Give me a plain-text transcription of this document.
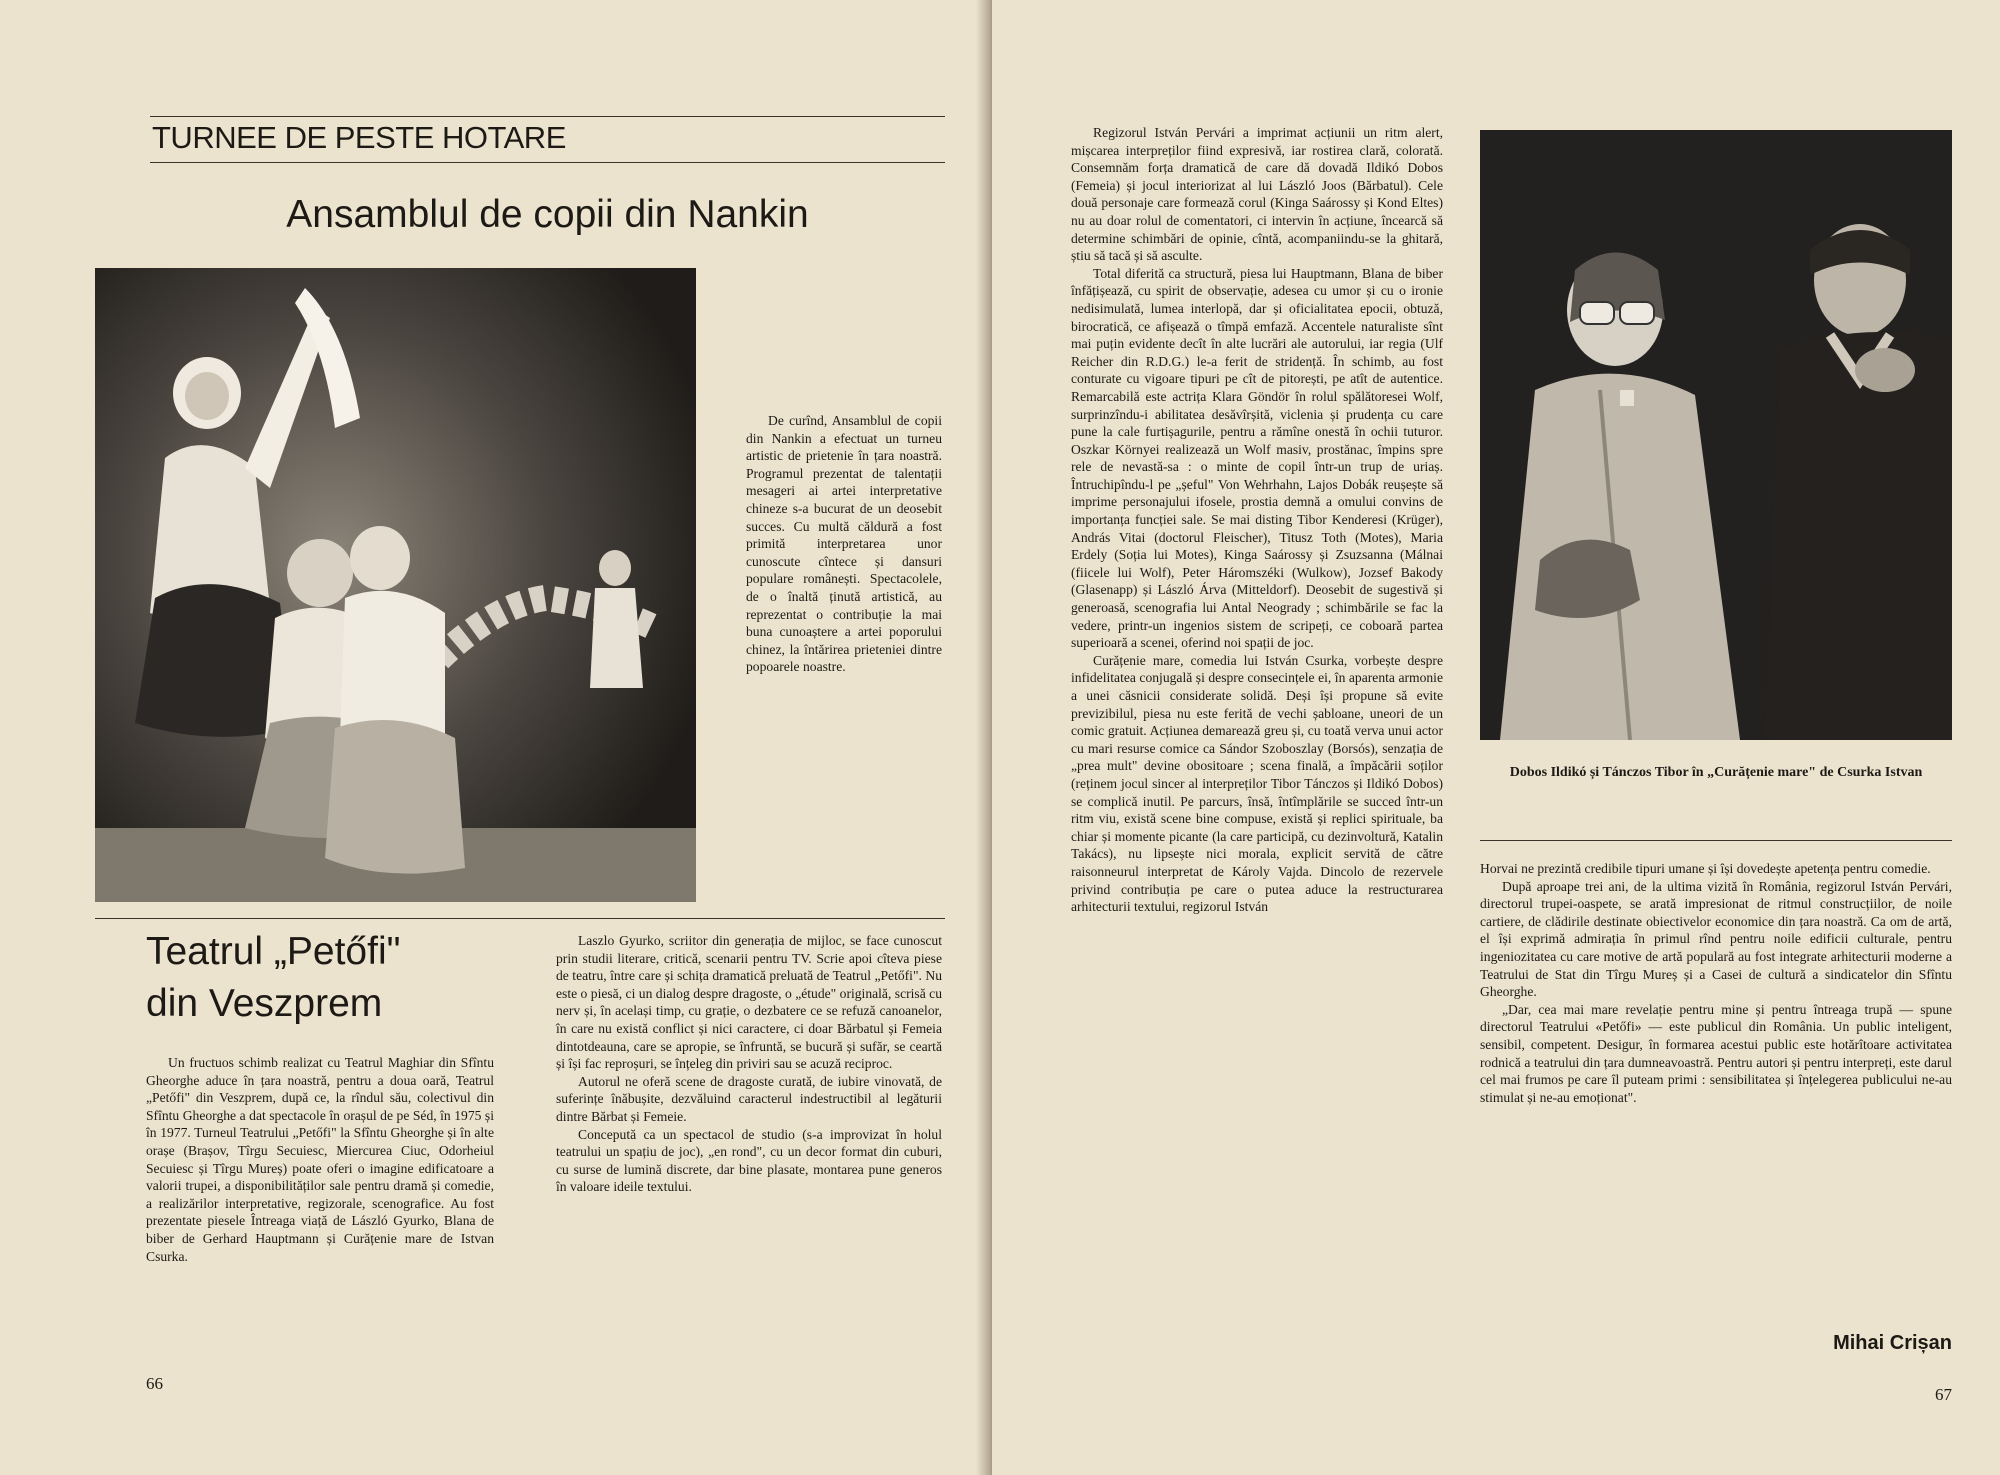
TURNEE DE PESTE HOTARE
Ansamblul de copii din Nankin

De curînd, Ansamblul de copii din Nankin a efectuat un turneu artistic de prietenie în țara noastră. Programul prezentat de talentații mesageri ai artei interpretative chineze s-a bucurat de un deosebit succes. Cu multă căldură a fost primită interpretarea unor cunoscute cîntece și dansuri populare românești. Spectacolele, de o înaltă ținută artistică, au reprezentat o contribuție la mai buna cunoaștere a artei poporului chinez, la întărirea prieteniei dintre popoarele noastre.

Teatrul „Petőfi"
din Veszprem

Un fructuos schimb realizat cu Teatrul Maghiar din Sfîntu Gheorghe aduce în țara noastră, pentru a doua oară, Teatrul „Petőfi" din Veszprem, după ce, la rîndul său, colectivul din Sfîntu Gheorghe a dat spectacole în orașul de pe Séd, în 1975 și în 1977. Turneul Teatrului „Petőfi" la Sfîntu Gheorghe și în alte orașe (Brașov, Tîrgu Secuiesc, Miercurea Ciuc, Odorheiul Secuiesc și Tîrgu Mureș) poate oferi o imagine edificatoare a valorii trupei, a disponibilităților sale pentru dramă și comedie, a realizărilor interpretative, regizorale, scenografice. Au fost prezentate piesele Întreaga viață de László Gyurko, Blana de biber de Gerhard Hauptmann și Curățenie mare de Istvan Csurka.

Laszlo Gyurko, scriitor din generația de mijloc, se face cunoscut prin studii literare, critică, scenarii pentru TV. Scrie apoi cîteva piese de teatru, între care și schița dramatică preluată de Teatrul „Petőfi". Nu este o piesă, ci un dialog despre dragoste, o „étude" originală, scrisă cu nerv și, în același timp, cu grație, o dezbatere ce se refuză canoanelor, în care nu există conflict și nici caractere, ci doar Bărbatul și Femeia dintotdeauna, care se apropie, se înfruntă, se bucură și sufăr, se ceartă și își fac reproșuri, se înțeleg din priviri sau se acuză reciproc.

Autorul ne oferă scene de dragoste curată, de iubire vinovată, de suferințe înăbușite, dezvăluind caracterul indestructibil al legăturii dintre Bărbat și Femeie.

Concepută ca un spectacol de studio (s-a improvizat în holul teatrului un spațiu de joc), „en rond", cu un decor format din cuburi, cu surse de lumină discrete, dar bine plasate, montarea pune generos în valoare ideile textului.

66

Regizorul István Pervári a imprimat acțiunii un ritm alert, mișcarea interpreților fiind expresivă, iar rostirea clară, colorată. Consemnăm forța dramatică de care dă dovadă Ildikó Dobos (Femeia) și jocul interiorizat al lui László Joos (Bărbatul). Cele două personaje care formează corul (Kinga Saárossy și Kond Eltes) nu au doar rolul de comentatori, ci intervin în acțiune, încearcă să determine schimbări de opinie, cîntă, acompaniindu-se la ghitară, știu să tacă și să asculte.

Total diferită ca structură, piesa lui Hauptmann, Blana de biber înfățișează, cu spirit de observație, adesea cu umor și cu o ironie nedisimulată, lumea interlopă, dar și oficialitatea epocii, obtuză, birocratică, ce afișează o tîmpă emfază. Accentele naturaliste sînt mai puțin evidente decît în alte lucrări ale autorului, iar regia (Ulf Reicher din R.D.G.) le-a ferit de stridență. În schimb, au fost conturate cu vigoare tipuri pe cît de pitorești, pe atît de autentice. Remarcabilă este actrița Klara Göndör în rolul spălătoresei Wolf, surprinzîndu-i abilitatea desăvîrșită, viclenia și prudența cu care pune la cale furtișagurile, pentru a rămîne onestă în ochii tuturor. Oszkar Környei realizează un Wolf masiv, prostănac, împins spre rele de nevastă-sa : o minte de copil într-un trup de uriaș. Întruchipîndu-l pe „șeful" Von Wehrhahn, Lajos Dobák reușește să imprime personajului ifosele, prostia demnă a omului convins de importanța funcției sale. Se mai disting Tibor Kenderesi (Krüger), András Vitai (doctorul Fleischer), Titusz Toth (Motes), Maria Erdely (Soția lui Motes), Kinga Saárossy și Zsuzsanna (Málnai (fiicele lui Wolf), Peter Háromszéki (Wulkow), Jozsef Bakody (Glasenapp) și László Árva (Mitteldorf). Deosebit de sugestivă și generoasă, scenografia lui Antal Neogrady ; schimbările se fac la vedere, printr-un ingenios sistem de scripeți, ce coboară partea superioară a scenei, oferind noi spații de joc.

Curățenie mare, comedia lui István Csurka, vorbește despre infidelitatea conjugală și despre consecințele ei, în aparenta armonie a unei căsnicii considerate solidă. Deși își propune să evite previzibilul, piesa nu este ferită de vechi șabloane, uneori de un comic gratuit. Acțiunea demarează greu și, cu toată verva unui actor cu mari resurse comice ca Sándor Szoboszlay (Borsós), senzația de „prea mult" devine obositoare ; scena finală, a împăcării soților (reținem jocul sincer al interpreților Tibor Tánczos și Ildikó Dobos) se complică inutil. Pe parcurs, însă, întîmplările se succed într-un ritm viu, există scene bine compuse, există și replici spirituale, ba chiar și momente picante (la care participă, cu dezinvoltură, Katalin Takács), nu lipsește nici morala, explicit servită de către raisonneurul interpretat de Károly Vajda. Dincolo de rezervele privind contribuția pe care o putea aduce la restructurarea arhitecturii textului, regizorul István

Dobos Ildikó și Tánczos Tibor în „Curățenie mare" de Csurka Istvan

Horvai ne prezintă credibile tipuri umane și își dovedește apetența pentru comedie.

După aproape trei ani, de la ultima vizită în România, regizorul István Pervári, directorul trupei-oaspete, se arată impresionat de ritmul construcțiilor, de noile cartiere, de clădirile destinate obiectivelor economice din țara noastră. Ca om de artă, el își exprimă admirația în primul rînd pentru noile edificii culturale, pentru ingeniozitatea cu care motive de artă populară au fost integrate arhitecturii moderne a Teatrului de Stat din Tîrgu Mureș și a Casei de cultură a sindicatelor din Sfîntu Gheorghe.

„Dar, cea mai mare revelație pentru mine și pentru întreaga trupă — spune directorul Teatrului «Petőfi» — este publicul din România. Un public inteligent, sensibil, competent. Desigur, în formarea acestui public este hotărîtoare activitatea rodnică a teatrului din țara dumneavoastră. Pentru autori și pentru interpreți, este darul cel mai frumos pe care îl puteam primi : sensibilitatea și înțelegerea publicului ne-au stimulat și ne-au emoționat".

Mihai Crișan
67
